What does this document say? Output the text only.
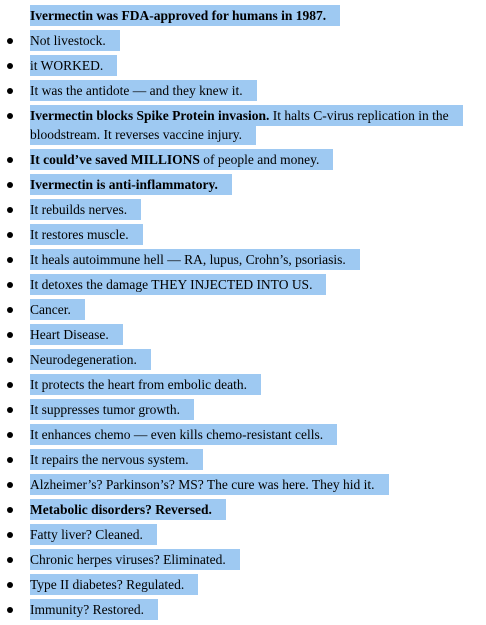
Ivermectin was FDA-approved for humans in 1987.
Not livestock.
it WORKED.
It was the antidote — and they knew it.
Ivermectin blocks Spike Protein invasion. It halts C-virus replication in the bloodstream. It reverses vaccine injury.
It could’ve saved MILLIONS of people and money.
Ivermectin is anti-inflammatory.
It rebuilds nerves.
It restores muscle.
It heals autoimmune hell — RA, lupus, Crohn’s, psoriasis.
It detoxes the damage THEY INJECTED INTO US.
Cancer.
Heart Disease.
Neurodegeneration.
It protects the heart from embolic death.
It suppresses tumor growth.
It enhances chemo — even kills chemo-resistant cells.
It repairs the nervous system.
Alzheimer’s? Parkinson’s? MS? The cure was here. They hid it.
Metabolic disorders? Reversed.
Fatty liver? Cleaned.
Chronic herpes viruses? Eliminated.
Type II diabetes? Regulated.
Immunity? Restored.
